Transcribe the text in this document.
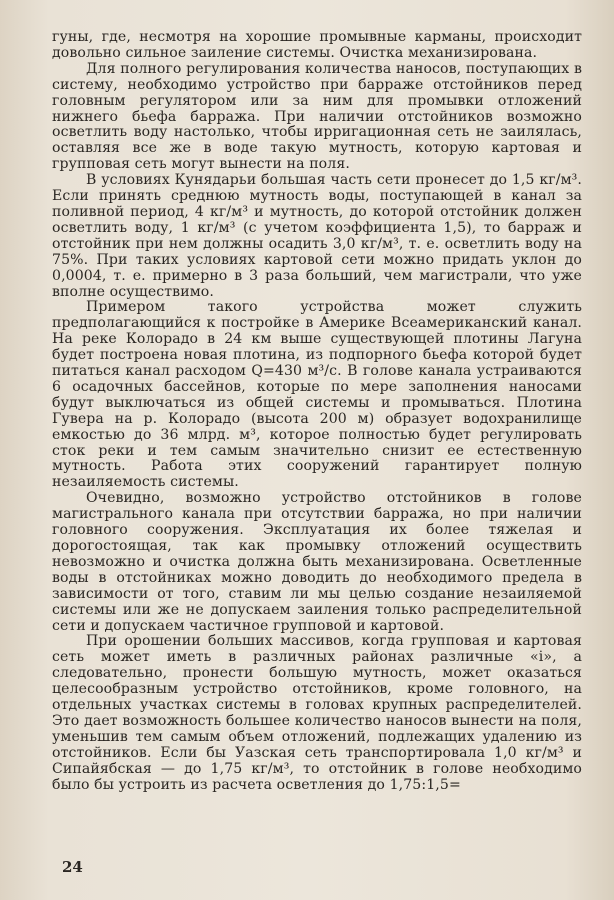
гуны, где, несмотря на хорошие промывные карманы, происходит довольно сильное заиление системы. Очистка механизирована.

Для полного регулирования количества наносов, поступающих в систему, необходимо устройство при барраже отстойников перед головным регулятором или за ним для промывки отложений нижнего бьефа барража. При наличии отстойников возможно осветлить воду настолько, чтобы ирригационная сеть не заилялась, оставляя все же в воде такую мутность, которую картовая и групповая сеть могут вынести на поля.

В условиях Кунядарьи большая часть сети пронесет до 1,5 кг/м³. Если принять среднюю мутность воды, поступающей в канал за поливной период, 4 кг/м³ и мутность, до которой отстойник должен осветлить воду, 1 кг/м³ (с учетом коэффициента 1,5), то барраж и отстойник при нем должны осадить 3,0 кг/м³, т. е. осветлить воду на 75%. При таких условиях картовой сети можно придать уклон до 0,0004, т. е. примерно в 3 раза больший, чем магистрали, что уже вполне осуществимо.

Примером такого устройства может служить предполагающийся к постройке в Америке Всеамериканский канал. На реке Колорадо в 24 км выше существующей плотины Лагуна будет построена новая плотина, из подпорного бьефа которой будет питаться канал расходом Q=430 м³/с. В голове канала устраиваются 6 осадочных бассейнов, которые по мере заполнения наносами будут выключаться из общей системы и промываться. Плотина Гувера на р. Колорадо (высота 200 м) образует водохранилище емкостью до 36 млрд. м³, которое полностью будет регулировать сток реки и тем самым значительно снизит ее естественную мутность. Работа этих сооружений гарантирует полную незаиляемость системы.

Очевидно, возможно устройство отстойников в голове магистрального канала при отсутствии барража, но при наличии головного сооружения. Эксплуатация их более тяжелая и дорогостоящая, так как промывку отложений осуществить невозможно и очистка должна быть механизирована. Осветленные воды в отстойниках можно доводить до необходимого предела в зависимости от того, ставим ли мы целью создание незаиляемой системы или же не допускаем заиления только распределительной сети и допускаем частичное групповой и картовой.

При орошении больших массивов, когда групповая и картовая сеть может иметь в различных районах различные «i», а следовательно, пронести большую мутность, может оказаться целесообразным устройство отстойников, кроме головного, на отдельных участках системы в головах крупных распределителей. Это дает возможность большее количество наносов вынести на поля, уменьшив тем самым объем отложений, подлежащих удалению из отстойников. Если бы Уазская сеть транспортировала 1,0 кг/м³ и Сипайябская — до 1,75 кг/м³, то отстойник в голове необходимо было бы устроить из расчета осветления до 1,75:1,5=

24
